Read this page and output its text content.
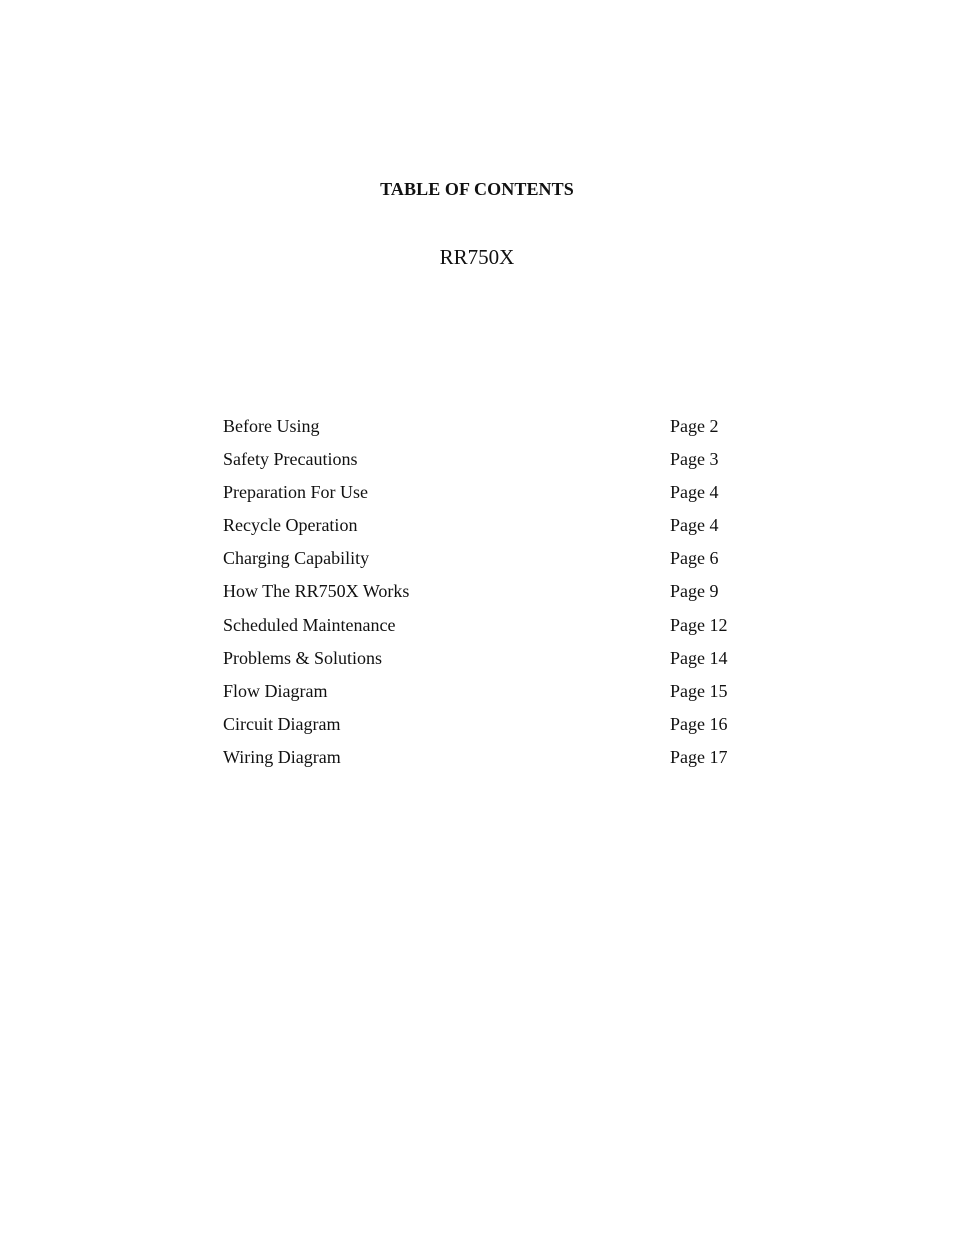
TABLE OF CONTENTS
RR750X
Before Using	Page 2
Safety Precautions	Page 3
Preparation For Use	Page 4
Recycle Operation	Page 4
Charging Capability	Page 6
How The RR750X Works	Page 9
Scheduled Maintenance	Page 12
Problems & Solutions	Page 14
Flow Diagram	Page 15
Circuit Diagram	Page 16
Wiring Diagram	Page 17
